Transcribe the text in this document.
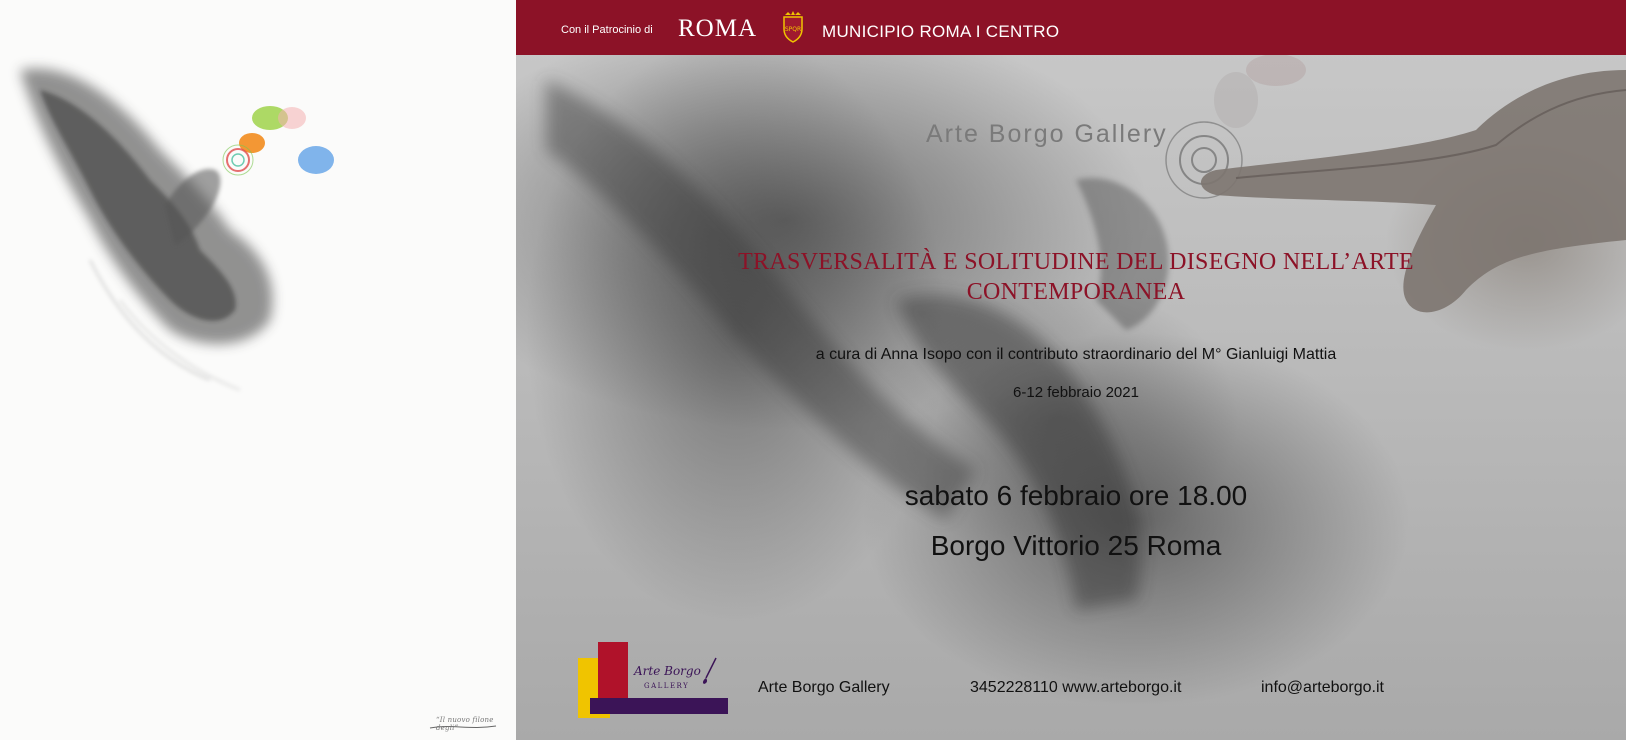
“Il nuovo filone degli”
Con il Patrocinio di ROMA	SPQR MUNICIPIO ROMA I CENTRO
Arte Borgo Gallery
TRASVERSALITÀ E SOLITUDINE DEL DISEGNO NELL’ARTE
CONTEMPORANEA
a cura di Anna Isopo con il contributo straordinario del M° Gianluigi Mattia
6-12 febbraio 2021
sabato 6 febbraio ore 18.00
Borgo Vittorio 25 Roma
Arte Borgo
GALLERY	Arte Borgo Gallery	3452228110 www.arteborgo.it	info@arteborgo.it
